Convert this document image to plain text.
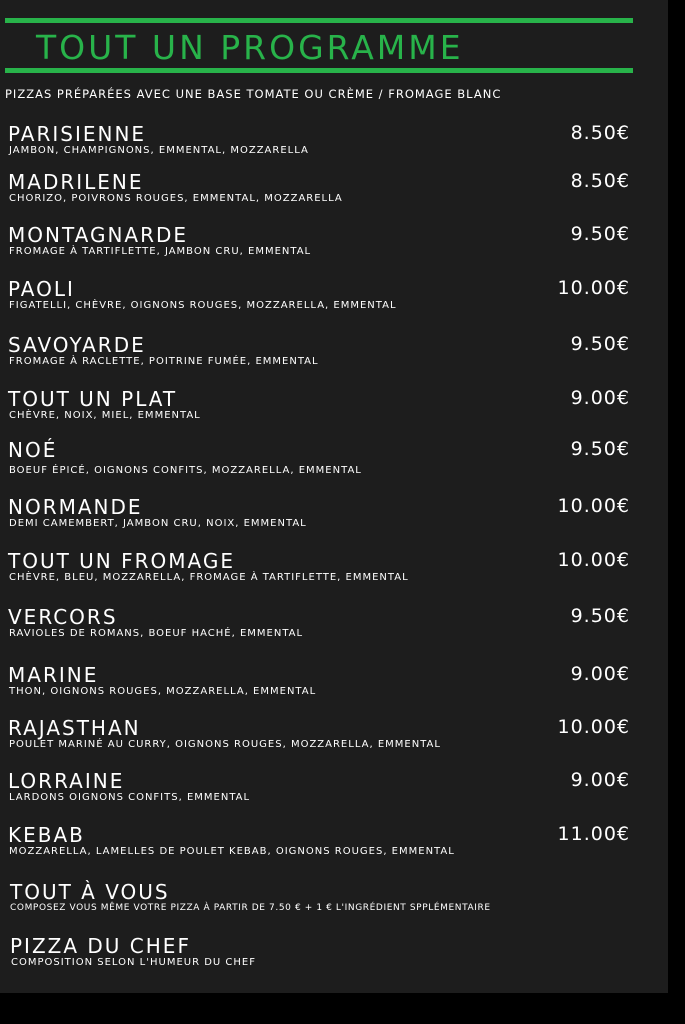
TOUT UN PROGRAMME
PIZZAS PRÉPARÉES AVEC UNE BASE TOMATE OU CRÈME / FROMAGE BLANC
PARISIENNE	8.50€
JAMBON, CHAMPIGNONS, EMMENTAL, MOZZARELLA
MADRILENE	8.50€
CHORIZO, POIVRONS ROUGES, EMMENTAL, MOZZARELLA
MONTAGNARDE	9.50€
FROMAGE À TARTIFLETTE, JAMBON CRU, EMMENTAL
PAOLI	10.00€
FIGATELLI, CHÈVRE, OIGNONS ROUGES, MOZZARELLA, EMMENTAL
SAVOYARDE	9.50€
FROMAGE À RACLETTE, POITRINE FUMÉE, EMMENTAL
TOUT UN PLAT	9.00€
CHÈVRE, NOIX, MIEL, EMMENTAL
NOÉ	9.50€
BOEUF ÉPICÉ, OIGNONS CONFITS, MOZZARELLA, EMMENTAL
NORMANDE	10.00€
DEMI CAMEMBERT, JAMBON CRU, NOIX, EMMENTAL
TOUT UN FROMAGE	10.00€
CHÈVRE, BLEU, MOZZARELLA, FROMAGE À TARTIFLETTE, EMMENTAL
VERCORS	9.50€
RAVIOLES DE ROMANS, BOEUF HACHÉ, EMMENTAL
MARINE	9.00€
THON, OIGNONS ROUGES, MOZZARELLA, EMMENTAL
RAJASTHAN	10.00€
POULET MARINÉ AU CURRY, OIGNONS ROUGES, MOZZARELLA, EMMENTAL
LORRAINE	9.00€
LARDONS OIGNONS CONFITS, EMMENTAL
KEBAB	11.00€
MOZZARELLA, LAMELLES DE POULET KEBAB, OIGNONS ROUGES, EMMENTAL
TOUT À VOUS
COMPOSEZ VOUS MÊME VOTRE PIZZA À PARTIR DE 7.50 € + 1 € L'INGRÉDIENT SPPLÉMENTAIRE
PIZZA DU CHEF
COMPOSITION SELON L'HUMEUR DU CHEF
